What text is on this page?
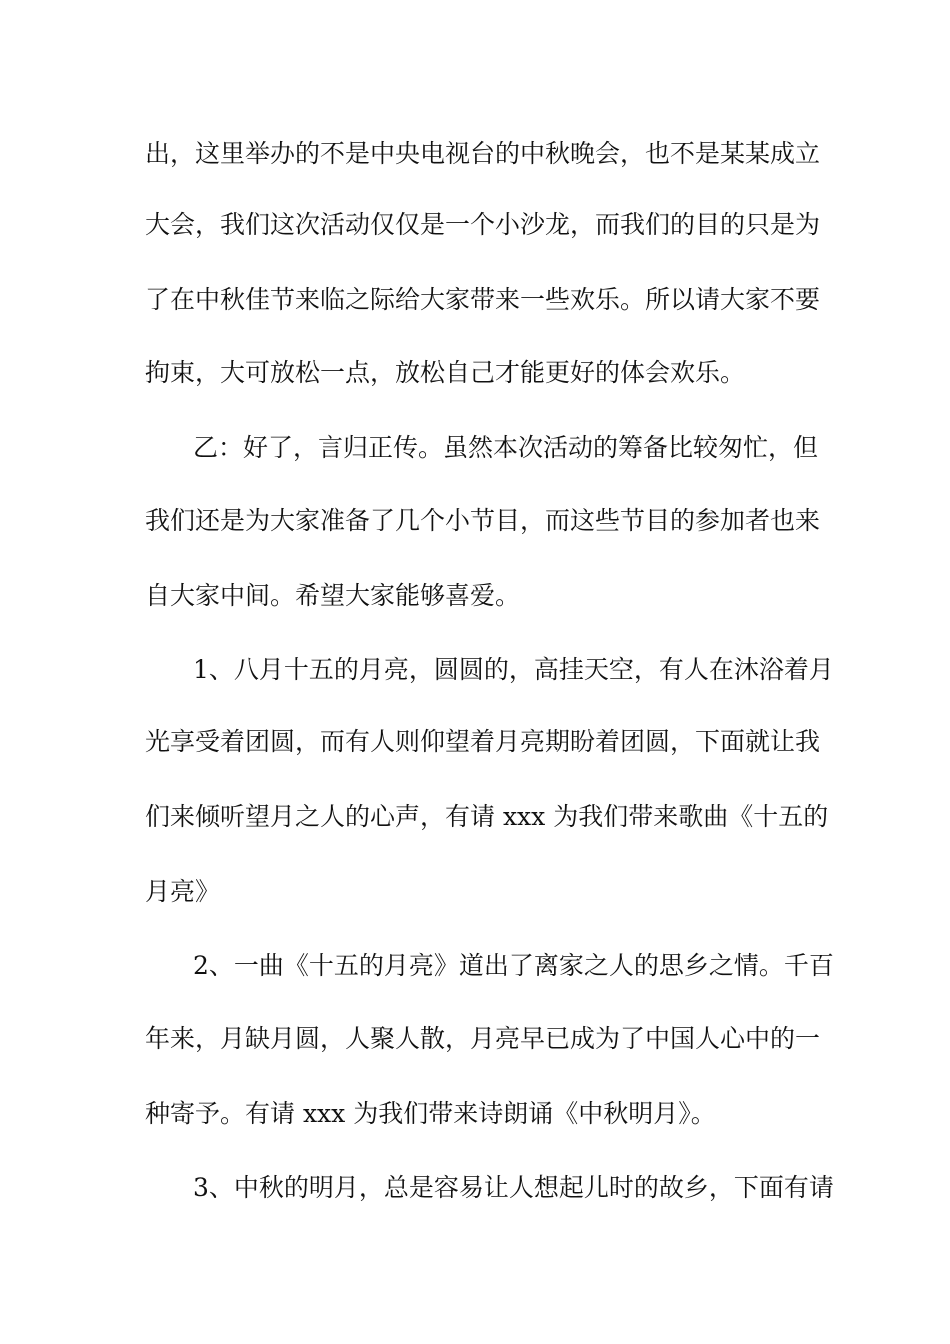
出，这里举办的不是中央电视台的中秋晚会，也不是某某成立
大会，我们这次活动仅仅是一个小沙龙，而我们的目的只是为
了在中秋佳节来临之际给大家带来一些欢乐。所以请大家不要
拘束，大可放松一点，放松自己才能更好的体会欢乐。
乙：好了，言归正传。虽然本次活动的筹备比较匆忙，但
我们还是为大家准备了几个小节目，而这些节目的参加者也来
自大家中间。希望大家能够喜爱。
1、八月十五的月亮，圆圆的，高挂天空，有人在沐浴着月
光享受着团圆，而有人则仰望着月亮期盼着团圆，下面就让我
们来倾听望月之人的心声，有请 xxx 为我们带来歌曲《十五的
月亮》
2、一曲《十五的月亮》道出了离家之人的思乡之情。千百
年来，月缺月圆，人聚人散，月亮早已成为了中国人心中的一
种寄予。有请 xxx 为我们带来诗朗诵《中秋明月》。
3、中秋的明月，总是容易让人想起儿时的故乡，下面有请
